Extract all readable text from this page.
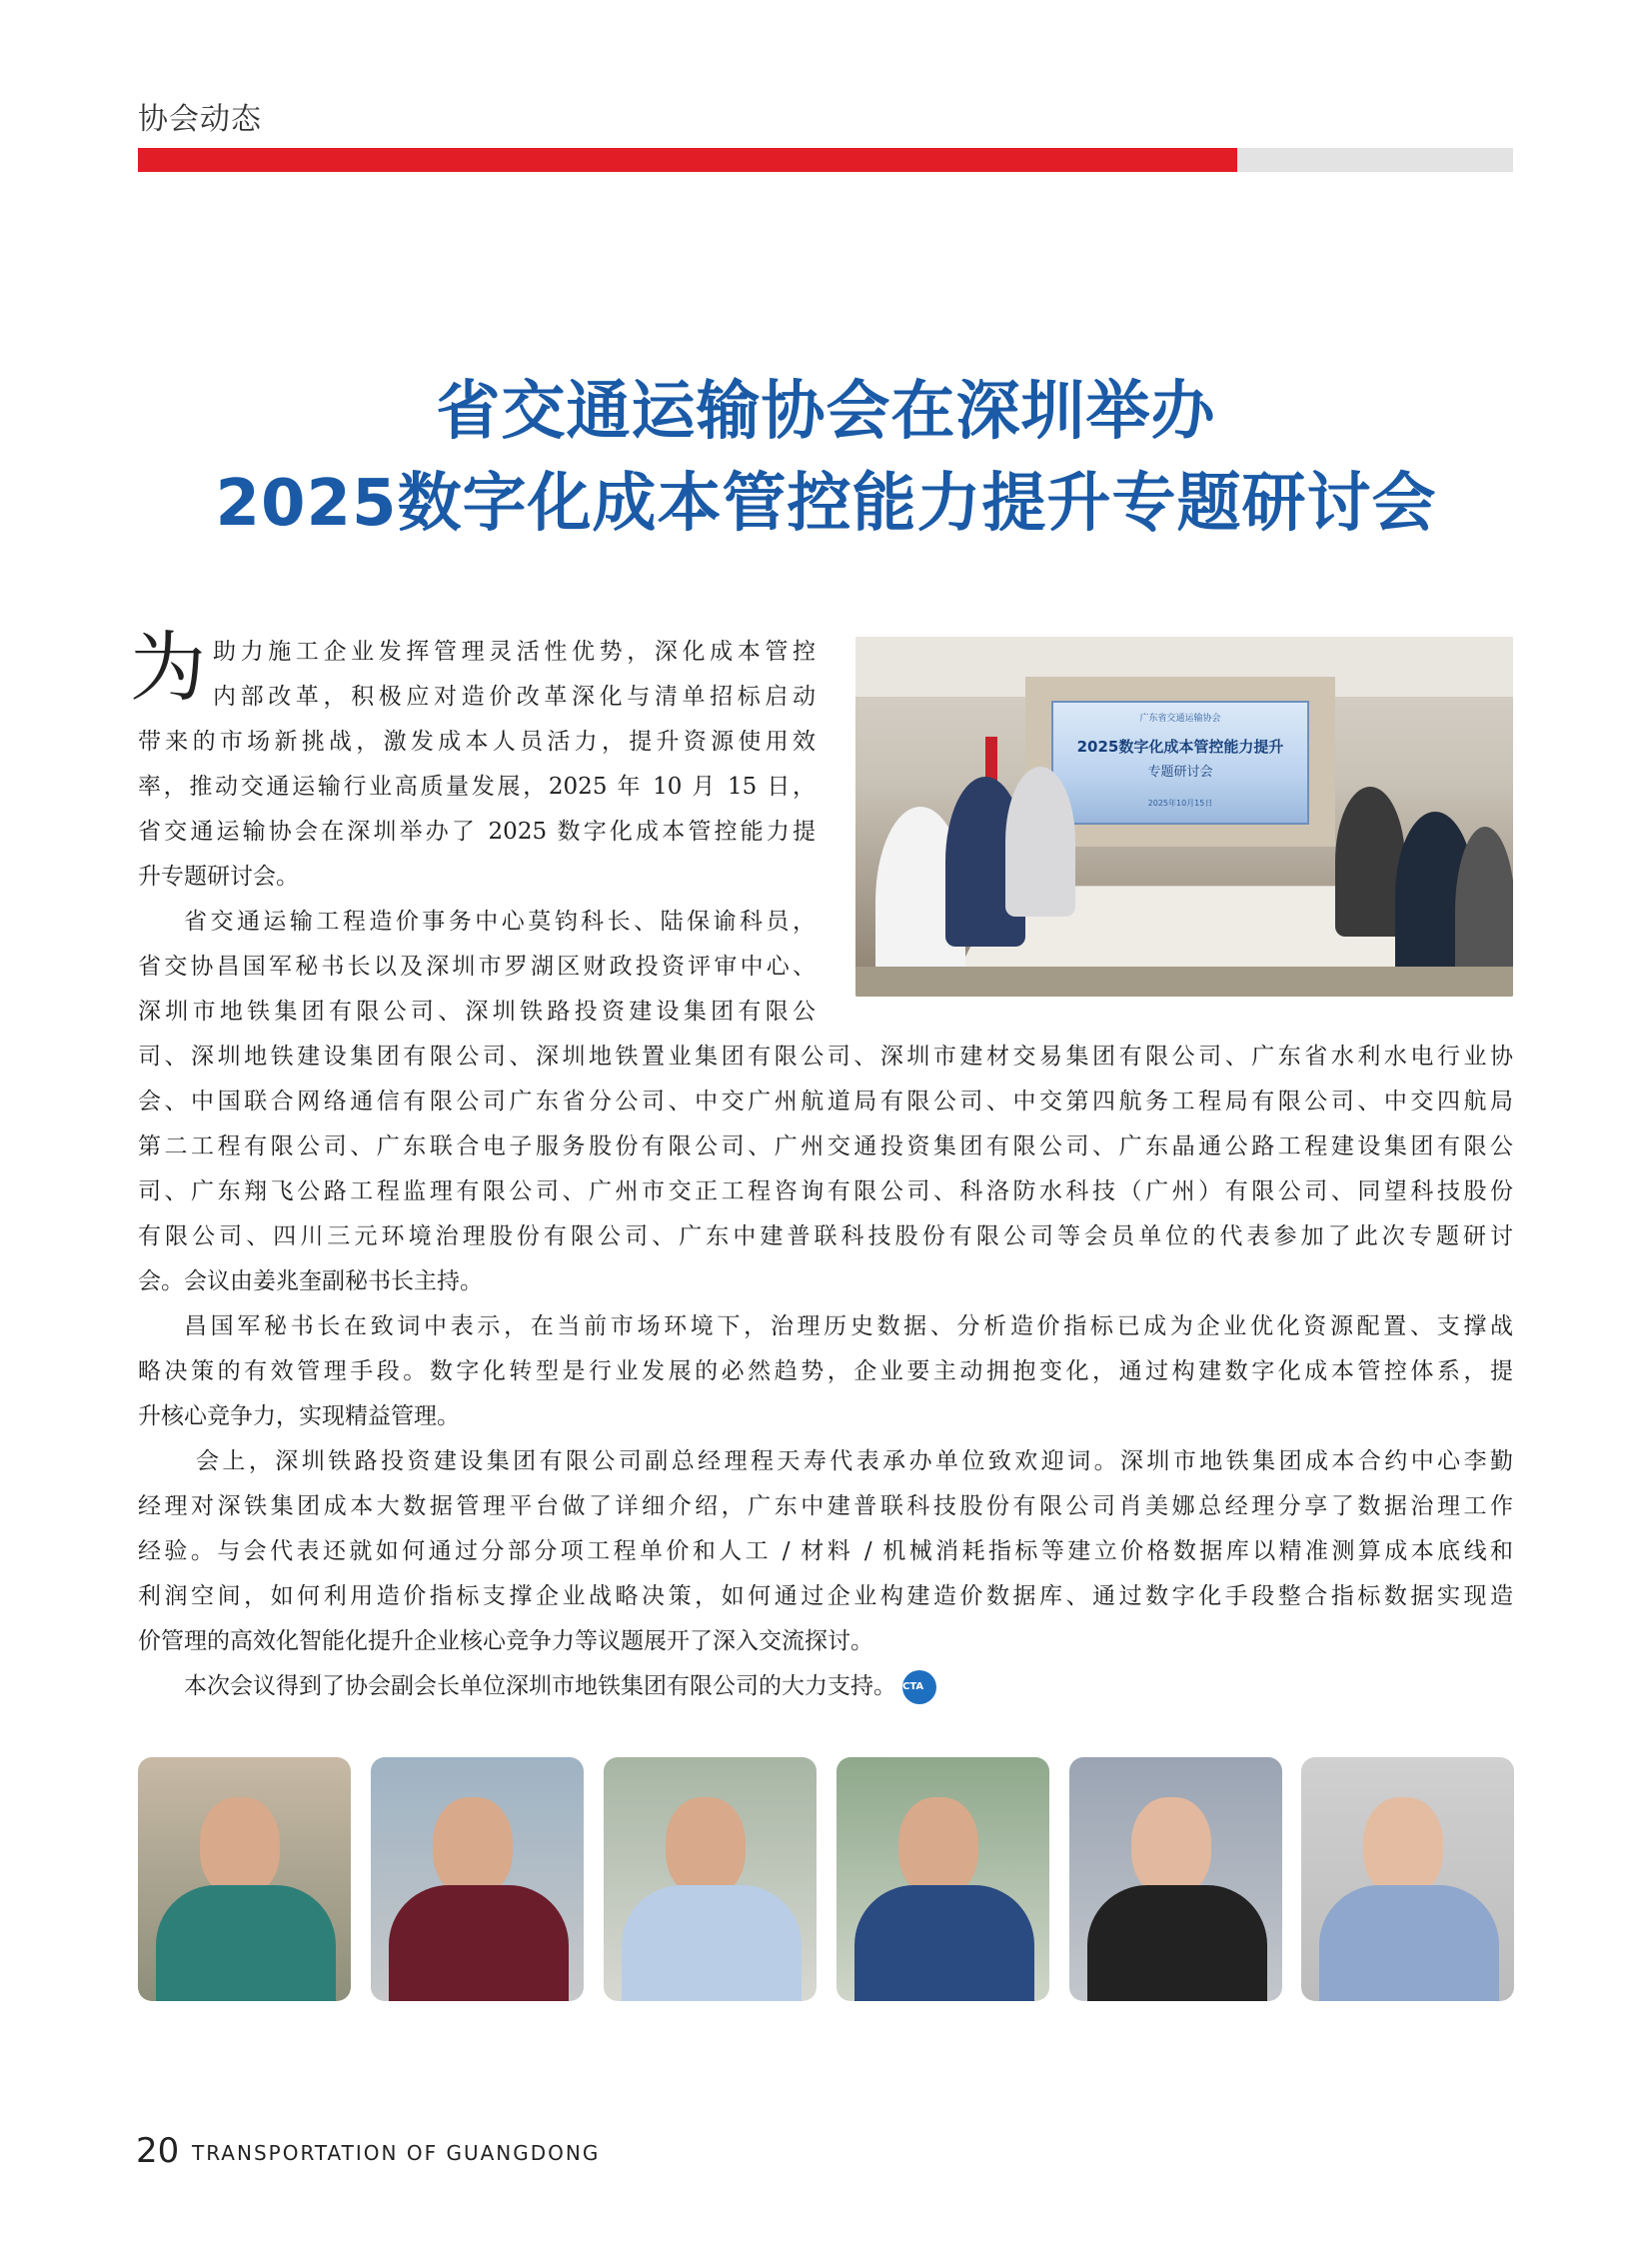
协会动态
省交通运输协会在深圳举办
2025数字化成本管控能力提升专题研讨会
为 助力施工企业发挥管理灵活性优势，深化成本管控

内部改革，积极应对造价改革深化与清单招标启动

带来的市场新挑战，激发成本人员活力，提升资源使用效

率，推动交通运输行业高质量发展，2025 年 10 月 15 日，

省交通运输协会在深圳举办了 2025 数字化成本管控能力提

升专题研讨会。

省交通运输工程造价事务中心莫钧科长、陆保谕科员，

省交协昌国军秘书长以及深圳市罗湖区财政投资评审中心、

深圳市地铁集团有限公司、深圳铁路投资建设集团有限公

广东省交通运输协会
2025数字化成本管控能力提升
专题研讨会
2025年10月15日

司、深圳地铁建设集团有限公司、深圳地铁置业集团有限公司、深圳市建材交易集团有限公司、广东省水利水电行业协

会、中国联合网络通信有限公司广东省分公司、中交广州航道局有限公司、中交第四航务工程局有限公司、中交四航局

第二工程有限公司、广东联合电子服务股份有限公司、广州交通投资集团有限公司、广东晶通公路工程建设集团有限公

司、广东翔飞公路工程监理有限公司、广州市交正工程咨询有限公司、科洛防水科技（广州）有限公司、同望科技股份

有限公司、四川三元环境治理股份有限公司、广东中建普联科技股份有限公司等会员单位的代表参加了此次专题研讨

会。会议由姜兆奎副秘书长主持。

昌国军秘书长在致词中表示，在当前市场环境下，治理历史数据、分析造价指标已成为企业优化资源配置、支撑战

略决策的有效管理手段。数字化转型是行业发展的必然趋势，企业要主动拥抱变化，通过构建数字化成本管控体系，提

升核心竞争力，实现精益管理。

会上，深圳铁路投资建设集团有限公司副总经理程天寿代表承办单位致欢迎词。深圳市地铁集团成本合约中心李勤

经理对深铁集团成本大数据管理平台做了详细介绍，广东中建普联科技股份有限公司肖美娜总经理分享了数据治理工作

经验。与会代表还就如何通过分部分项工程单价和人工 / 材料 / 机械消耗指标等建立价格数据库以精准测算成本底线和

利润空间，如何利用造价指标支撑企业战略决策，如何通过企业构建造价数据库、通过数字化手段整合指标数据实现造

价管理的高效化智能化提升企业核心竞争力等议题展开了深入交流探讨。

本次会议得到了协会副会长单位深圳市地铁集团有限公司的大力支持。 CTA

20 TRANSPORTATION OF GUANGDONG
